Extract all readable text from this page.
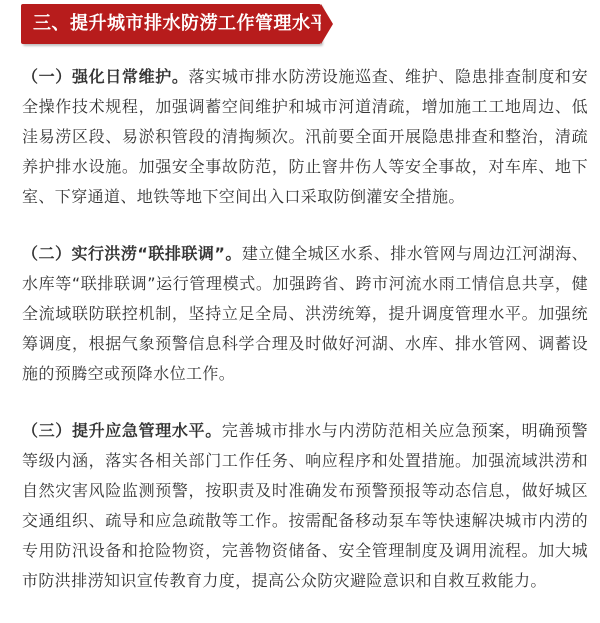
三、提升城市排水防涝工作管理水平

（一）强化日常维护。落实城市排水防涝设施巡查、维护、隐患排查制度和安全操作技术规程，加强调蓄空间维护和城市河道清疏，增加施工工地周边、低洼易涝区段、易淤积管段的清掏频次。汛前要全面开展隐患排查和整治，清疏养护排水设施。加强安全事故防范，防止窨井伤人等安全事故，对车库、地下室、下穿通道、地铁等地下空间出入口采取防倒灌安全措施。

（二）实行洪涝“联排联调”。建立健全城区水系、排水管网与周边江河湖海、水库等“联排联调”运行管理模式。加强跨省、跨市河流水雨工情信息共享，健全流域联防联控机制，坚持立足全局、洪涝统筹，提升调度管理水平。加强统筹调度，根据气象预警信息科学合理及时做好河湖、水库、排水管网、调蓄设施的预腾空或预降水位工作。

（三）提升应急管理水平。完善城市排水与内涝防范相关应急预案，明确预警等级内涵，落实各相关部门工作任务、响应程序和处置措施。加强流域洪涝和自然灾害风险监测预警，按职责及时准确发布预警预报等动态信息，做好城区交通组织、疏导和应急疏散等工作。按需配备移动泵车等快速解决城市内涝的专用防汛设备和抢险物资，完善物资储备、安全管理制度及调用流程。加大城市防洪排涝知识宣传教育力度，提高公众防灾避险意识和自救互救能力。
